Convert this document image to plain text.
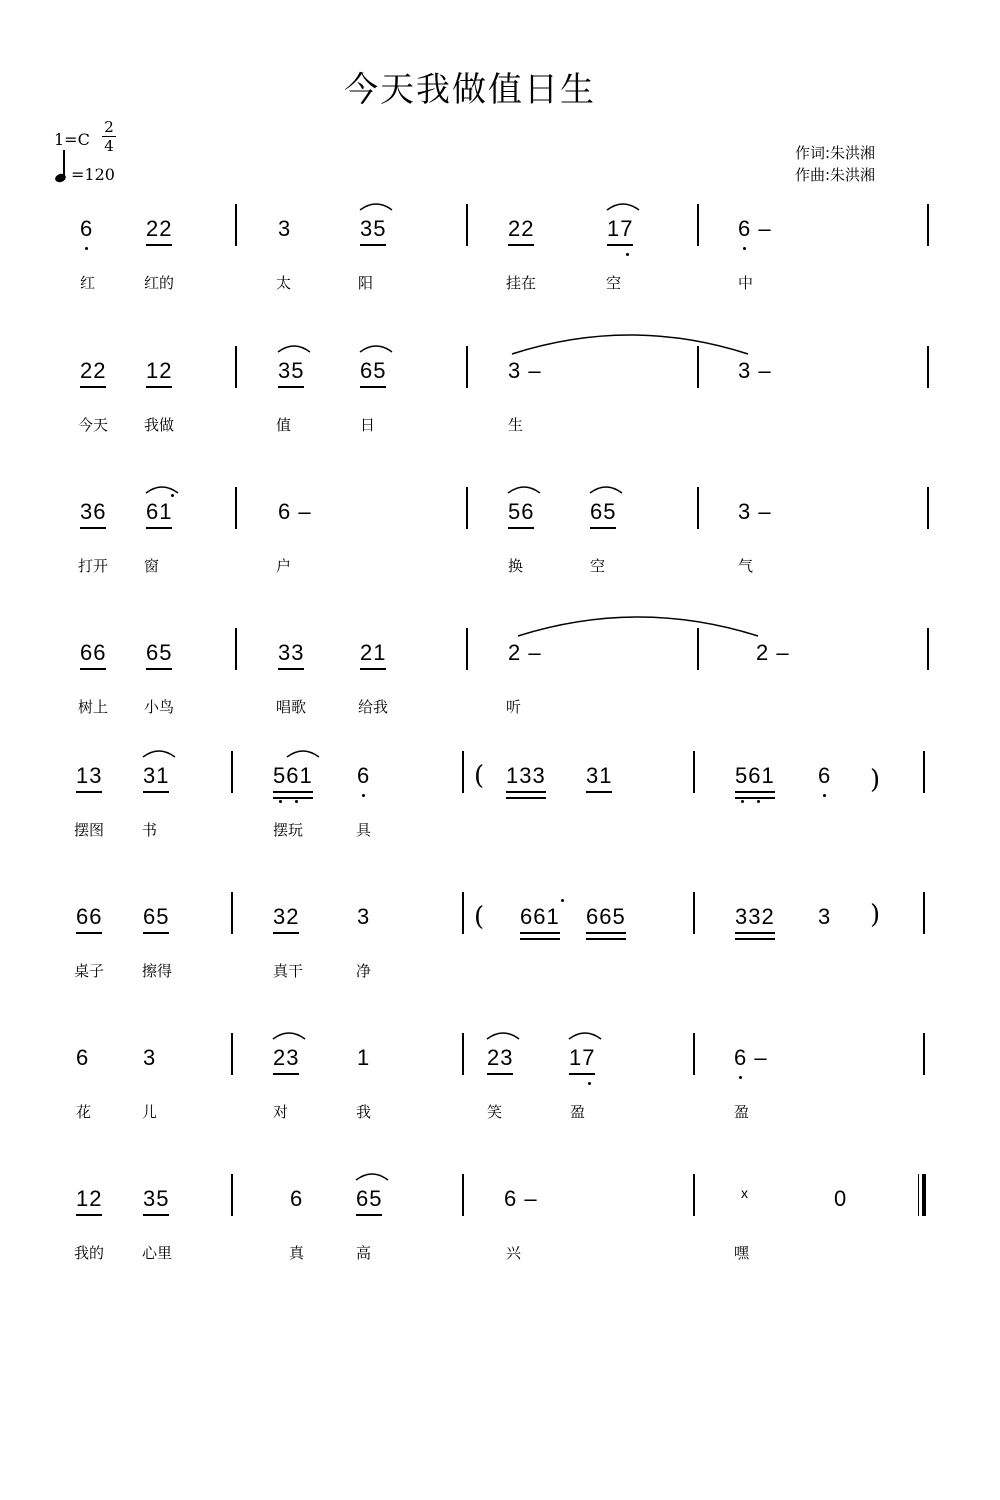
今天我做值日生
1=C
2
4
=120
作词:朱洪湘
作曲:朱洪湘
6 22	3	35	22	17	6 –
红	红的	太	阳	挂在	空	中
22 12	35	65	3 –	3 –
今天 我做	值	日	生
36 61	6 –	56	65	3 –
打开 窗	户	换	空	气
66 65	33	21	2 –	2 –
树上 小鸟	唱歌	给我	听
13 31	561 6	( 133 31	561 6 )
摆图	书	摆玩	具
66 65	32	3	( 661 665	332 3 )
桌子	擦得	真干	净
6 3	23	1	23	17	6 –
花	儿	对	我	笑	盈	盈
12 35	6 65	6 –	x	0
我的	心里	真	高	兴	嘿
